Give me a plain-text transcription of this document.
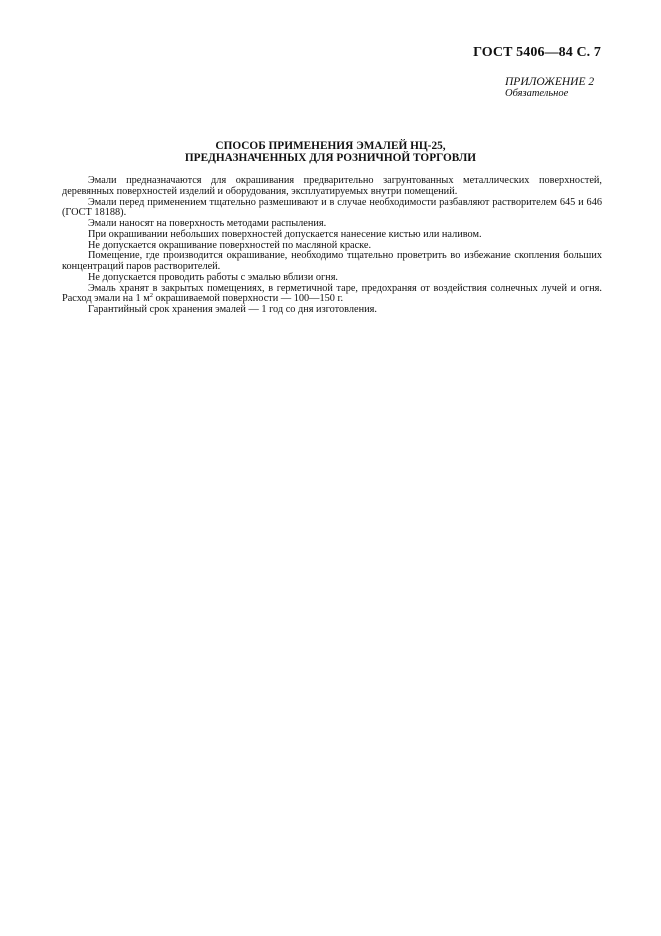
ГОСТ 5406—84 С. 7
ПРИЛОЖЕНИЕ 2
Обязательное
СПОСОБ ПРИМЕНЕНИЯ ЭМАЛЕЙ НЦ-25,
ПРЕДНАЗНАЧЕННЫХ ДЛЯ РОЗНИЧНОЙ ТОРГОВЛИ

Эмали предназначаются для окрашивания предварительно загрунтованных металлических поверхностей, деревянных поверхностей изделий и оборудования, эксплуатируемых внутри помещений.

Эмали перед применением тщательно размешивают и в случае необходимости разбавляют растворителем 645 и 646 (ГОСТ 18188).

Эмали наносят на поверхность методами распыления.

При окрашивании небольших поверхностей допускается нанесение кистью или наливом.

Не допускается окрашивание поверхностей по масляной краске.

Помещение, где производится окрашивание, необходимо тщательно проветрить во избежание скопления больших концентраций паров растворителей.

Не допускается проводить работы с эмалью вблизи огня.

Эмаль хранят в закрытых помещениях, в герметичной таре, предохраняя от воздействия солнечных лучей и огня. Расход эмали на 1 $м^2$ окрашиваемой поверхности — 100—150 г.

Гарантийный срок хранения эмалей — 1 год со дня изготовления.
